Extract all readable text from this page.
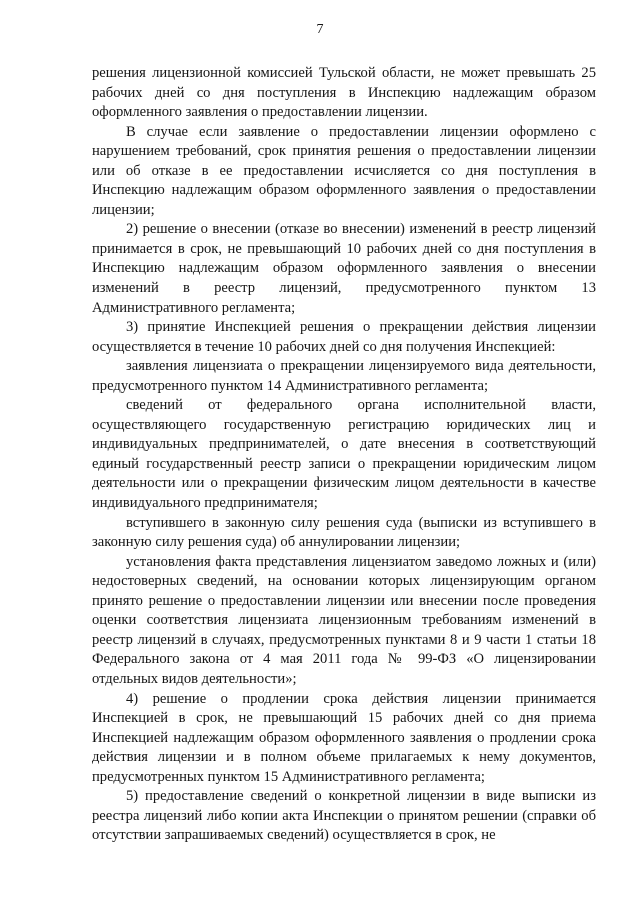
7

решения лицензионной комиссией Тульской области, не может превышать 25 рабочих дней со дня поступления в Инспекцию надлежащим образом оформленного заявления о предоставлении лицензии.

В случае если заявление о предоставлении лицензии оформлено с нарушением требований, срок принятия решения о предоставлении лицензии или об отказе в ее предоставлении исчисляется со дня поступления в Инспекцию надлежащим образом оформленного заявления о предоставлении лицензии;

2) решение о внесении (отказе во внесении) изменений в реестр лицензий принимается в срок, не превышающий 10 рабочих дней со дня поступления в Инспекцию надлежащим образом оформленного заявления о внесении изменений в реестр лицензий, предусмотренного пунктом 13 Административного регламента;

3) принятие Инспекцией решения о прекращении действия лицензии осуществляется в течение 10 рабочих дней со дня получения Инспекцией:

заявления лицензиата о прекращении лицензируемого вида деятельности, предусмотренного пунктом 14 Административного регламента;

сведений от федерального органа исполнительной власти, осуществляющего государственную регистрацию юридических лиц и индивидуальных предпринимателей, о дате внесения в соответствующий единый государственный реестр записи о прекращении юридическим лицом деятельности или о прекращении физическим лицом деятельности в качестве индивидуального предпринимателя;

вступившего в законную силу решения суда (выписки из вступившего в законную силу решения суда) об аннулировании лицензии;

установления факта представления лицензиатом заведомо ложных и (или) недостоверных сведений, на основании которых лицензирующим органом принято решение о предоставлении лицензии или внесении после проведения оценки соответствия лицензиата лицензионным требованиям изменений в реестр лицензий в случаях, предусмотренных пунктами 8 и 9 части 1 статьи 18 Федерального закона от 4 мая 2011 года № 99-ФЗ «О лицензировании отдельных видов деятельности»;

4) решение о продлении срока действия лицензии принимается Инспекцией в срок, не превышающий 15 рабочих дней со дня приема Инспекцией надлежащим образом оформленного заявления о продлении срока действия лицензии и в полном объеме прилагаемых к нему документов, предусмотренных пунктом 15 Административного регламента;

5) предоставление сведений о конкретной лицензии в виде выписки из реестра лицензий либо копии акта Инспекции о принятом решении (справки об отсутствии запрашиваемых сведений) осуществляется в срок, не
